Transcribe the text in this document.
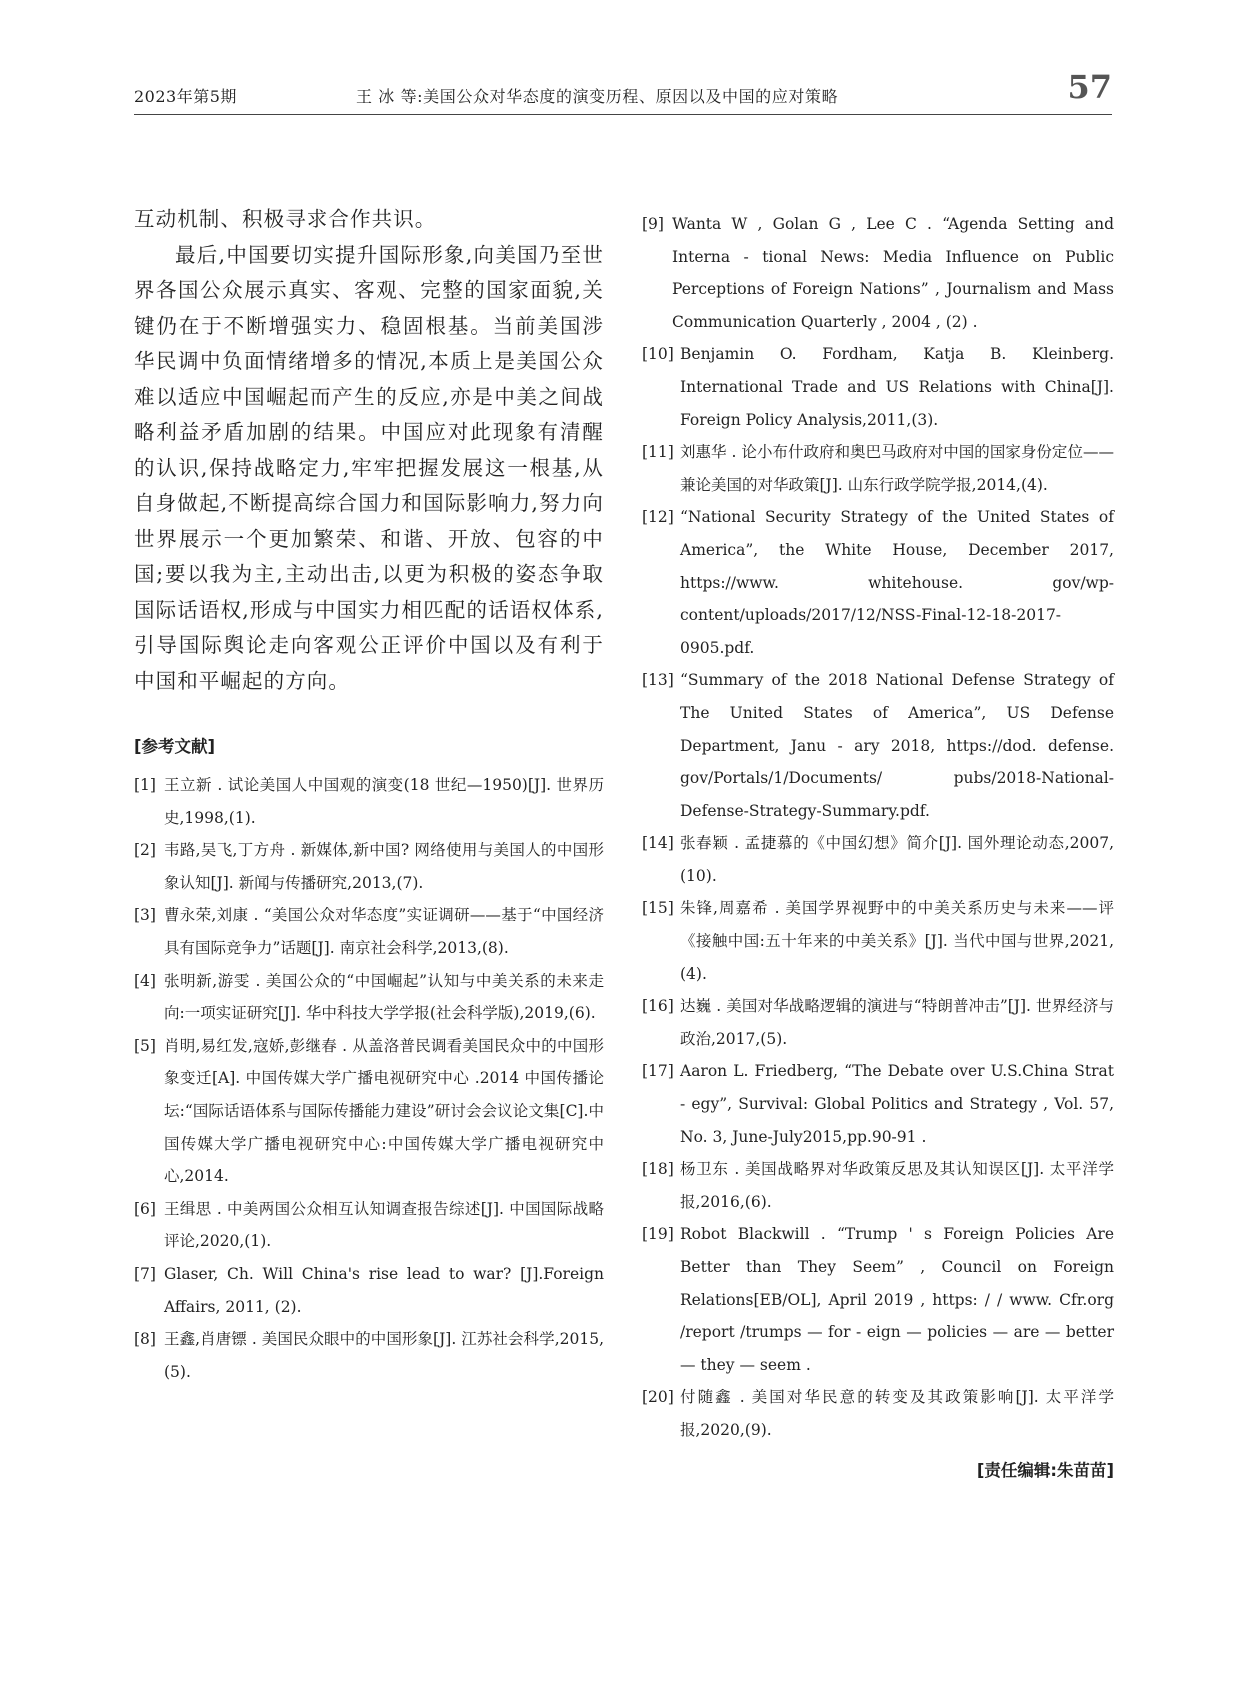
2023年第5期	王 冰 等:美国公众对华态度的演变历程、原因以及中国的应对策略	57

互动机制、积极寻求合作共识。

最后,中国要切实提升国际形象,向美国乃至世界各国公众展示真实、客观、完整的国家面貌,关键仍在于不断增强实力、稳固根基。当前美国涉华民调中负面情绪增多的情况,本质上是美国公众难以适应中国崛起而产生的反应,亦是中美之间战略利益矛盾加剧的结果。中国应对此现象有清醒的认识,保持战略定力,牢牢把握发展这一根基,从自身做起,不断提高综合国力和国际影响力,努力向世界展示一个更加繁荣、和谐、开放、包容的中国;要以我为主,主动出击,以更为积极的姿态争取国际话语权,形成与中国实力相匹配的话语权体系,引导国际舆论走向客观公正评价中国以及有利于中国和平崛起的方向。

[参考文献]
[1] 王立新 . 试论美国人中国观的演变(18 世纪—1950)[J]. 世界历史,1998,(1).
[2] 韦路,吴飞,丁方舟 . 新媒体,新中国? 网络使用与美国人的中国形象认知[J]. 新闻与传播研究,2013,(7).
[3] 曹永荣,刘康 . “美国公众对华态度”实证调研——基于“中国经济具有国际竞争力”话题[J]. 南京社会科学,2013,(8).
[4] 张明新,游雯 . 美国公众的“中国崛起”认知与中美关系的未来走向:一项实证研究[J]. 华中科技大学学报(社会科学版),2019,(6).
[5] 肖明,易红发,寇娇,彭继春 . 从盖洛普民调看美国民众中的中国形象变迁[A]. 中国传媒大学广播电视研究中心 .2014 中国传播论坛:“国际话语体系与国际传播能力建设”研讨会会议论文集[C].中国传媒大学广播电视研究中心:中国传媒大学广播电视研究中心,2014.
[6] 王缉思 . 中美两国公众相互认知调查报告综述[J]. 中国国际战略评论,2020,(1).
[7] Glaser, Ch. Will China's rise lead to war? [J].Foreign Affairs, 2011, (2).
[8] 王鑫,肖唐镖 . 美国民众眼中的中国形象[J]. 江苏社会科学,2015,(5).
[9] Wanta W , Golan G , Lee C . “Agenda Setting and Interna - tional News: Media Influence on Public Perceptions of Foreign Nations” , Journalism and Mass Communication Quarterly , 2004 , (2) .
[10] Benjamin O. Fordham, Katja B. Kleinberg. International Trade and US Relations with China[J]. Foreign Policy Analysis,2011,(3).
[11] 刘惠华 . 论小布什政府和奥巴马政府对中国的国家身份定位——兼论美国的对华政策[J]. 山东行政学院学报,2014,(4).
[12] “National Security Strategy of the United States of America”, the White House, December 2017, https://www. whitehouse. gov/wp-content/uploads/2017/12/NSS-Final-12-18-2017-0905.pdf.
[13] “Summary of the 2018 National Defense Strategy of The United States of America”, US Defense Department, Janu - ary 2018, https://dod. defense. gov/Portals/1/Documents/ pubs/2018-National-Defense-Strategy-Summary.pdf.
[14] 张春颖 . 孟捷慕的《中国幻想》简介[J]. 国外理论动态,2007,(10).
[15] 朱锋,周嘉希 . 美国学界视野中的中美关系历史与未来——评《接触中国:五十年来的中美关系》[J]. 当代中国与世界,2021,(4).
[16] 达巍 . 美国对华战略逻辑的演进与“特朗普冲击”[J]. 世界经济与政治,2017,(5).
[17] Aaron L. Friedberg, “The Debate over U.S.China Strat - egy”, Survival: Global Politics and Strategy , Vol. 57, No. 3, June-July2015,pp.90-91 .
[18] 杨卫东 . 美国战略界对华政策反思及其认知误区[J]. 太平洋学报,2016,(6).
[19] Robot Blackwill . “Trump ' s Foreign Policies Are Better than They Seem” , Council on Foreign Relations[EB/OL], April 2019 , https: / / www. Cfr.org /report /trumps — for - eign — policies — are — better — they — seem .
[20] 付随鑫 . 美国对华民意的转变及其政策影响[J]. 太平洋学报,2020,(9).
[责任编辑:朱苗苗]
